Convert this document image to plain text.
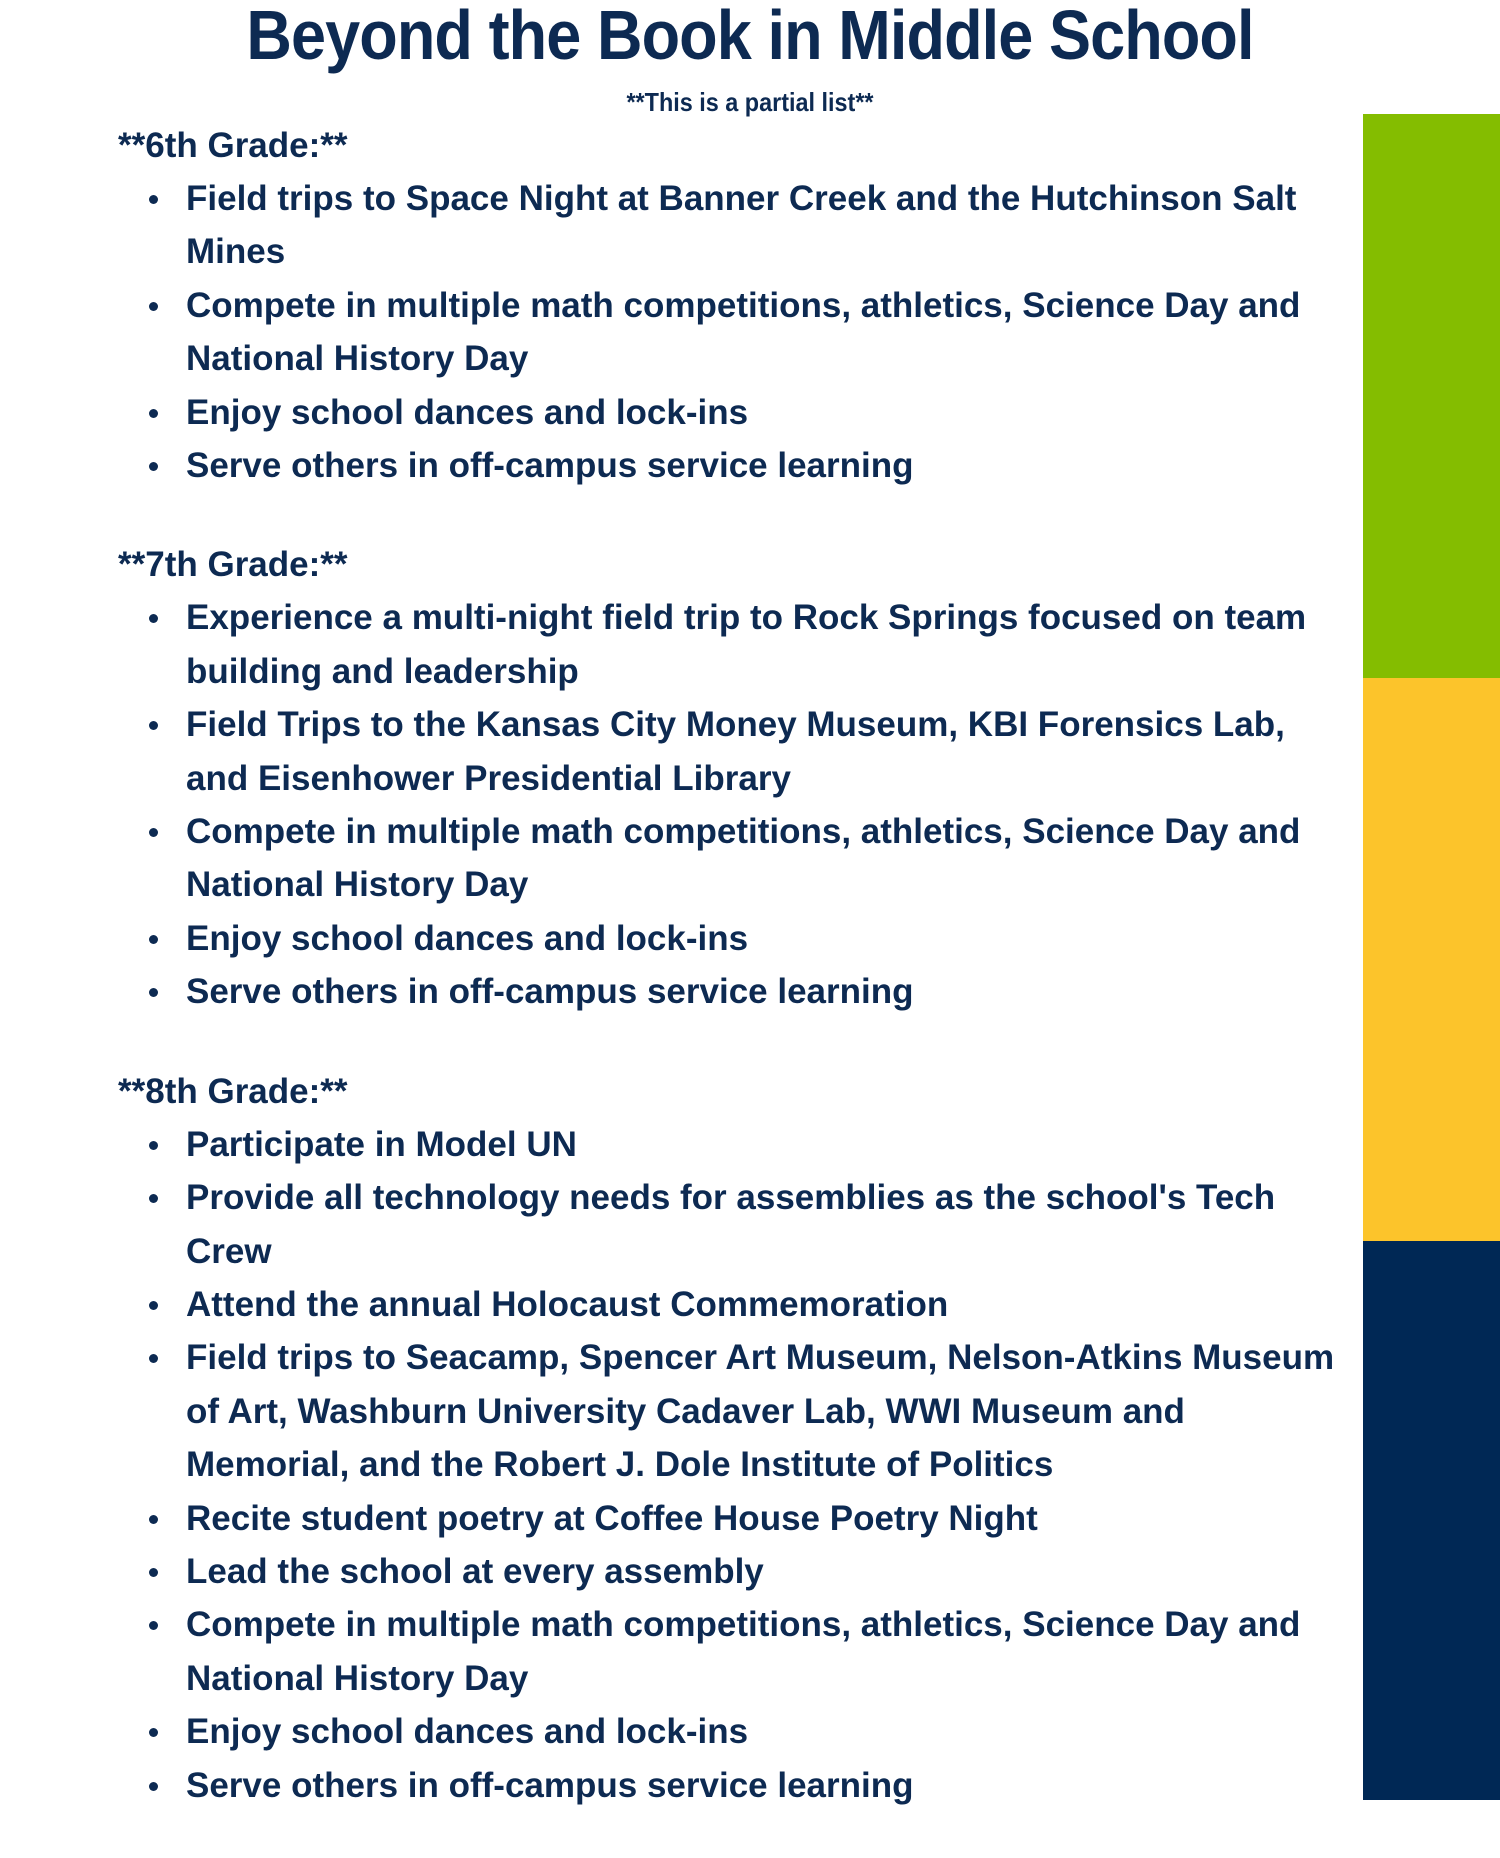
Beyond the Book in Middle School
**This is a partial list**
**6th Grade:**
Field trips to Space Night at Banner Creek and the Hutchinson Salt Mines
Compete in multiple math competitions, athletics, Science Day and National History Day
Enjoy school dances and lock-ins
Serve others in off-campus service learning
**7th Grade:**
Experience a multi-night field trip to Rock Springs focused on team building and leadership
Field Trips to the Kansas City Money Museum, KBI Forensics Lab, and Eisenhower Presidential Library
Compete in multiple math competitions, athletics, Science Day and National History Day
Enjoy school dances and lock-ins
Serve others in off-campus service learning
**8th Grade:**
Participate in Model UN
Provide all technology needs for assemblies as the school's Tech Crew
Attend the annual Holocaust Commemoration
Field trips to Seacamp, Spencer Art Museum, Nelson-Atkins Museum of Art, Washburn University Cadaver Lab, WWI Museum and Memorial, and the Robert J. Dole Institute of Politics
Recite student poetry at Coffee House Poetry Night
Lead the school at every assembly
Compete in multiple math competitions, athletics, Science Day and National History Day
Enjoy school dances and lock-ins
Serve others in off-campus service learning
